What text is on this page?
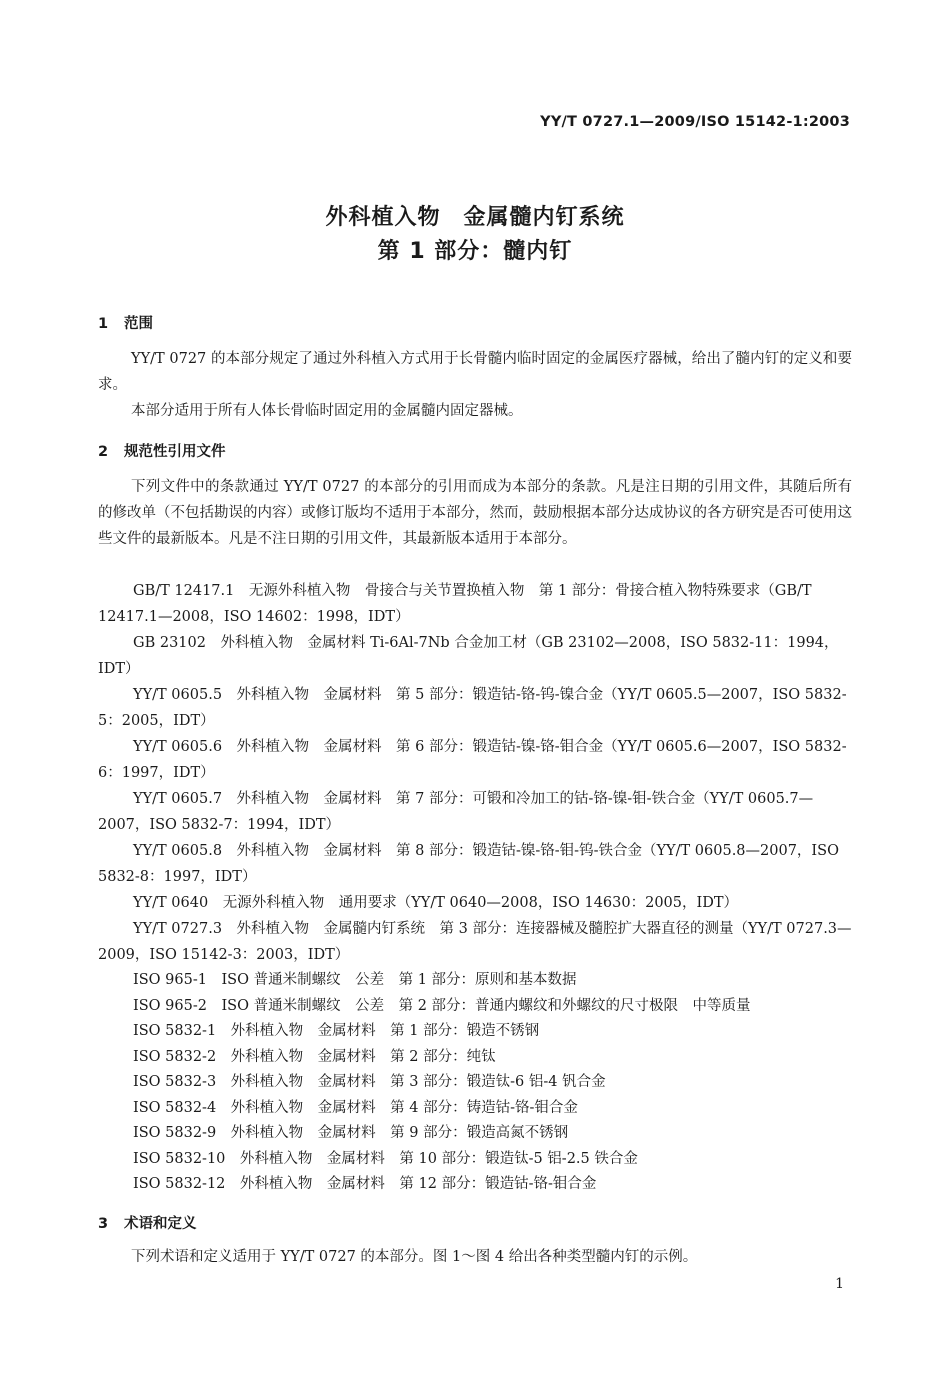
YY/T 0727.1—2009/ISO 15142-1:2003
外科植入物　金属髓内钉系统
第 1 部分：髓内钉
1 范围

YY/T 0727 的本部分规定了通过外科植入方式用于长骨髓内临时固定的金属医疗器械，给出了髓内钉的定义和要求。

本部分适用于所有人体长骨临时固定用的金属髓内固定器械。

2 规范性引用文件

下列文件中的条款通过 YY/T 0727 的本部分的引用而成为本部分的条款。凡是注日期的引用文件，其随后所有的修改单（不包括勘误的内容）或修订版均不适用于本部分，然而，鼓励根据本部分达成协议的各方研究是否可使用这些文件的最新版本。凡是不注日期的引用文件，其最新版本适用于本部分。

GB/T 12417.1　无源外科植入物　骨接合与关节置换植入物　第 1 部分：骨接合植入物特殊要求（GB/T 12417.1—2008，ISO 14602：1998，IDT）

GB 23102　外科植入物　金属材料 Ti-6Al-7Nb 合金加工材（GB 23102—2008，ISO 5832-11：1994，IDT）

YY/T 0605.5　外科植入物　金属材料　第 5 部分：锻造钴-铬-钨-镍合金（YY/T 0605.5—2007，ISO 5832-5：2005，IDT）

YY/T 0605.6　外科植入物　金属材料　第 6 部分：锻造钴-镍-铬-钼合金（YY/T 0605.6—2007，ISO 5832-6：1997，IDT）

YY/T 0605.7　外科植入物　金属材料　第 7 部分：可锻和冷加工的钴-铬-镍-钼-铁合金（YY/T 0605.7—2007，ISO 5832-7：1994，IDT）

YY/T 0605.8　外科植入物　金属材料　第 8 部分：锻造钴-镍-铬-钼-钨-铁合金（YY/T 0605.8—2007，ISO 5832-8：1997，IDT）

YY/T 0640　无源外科植入物　通用要求（YY/T 0640—2008，ISO 14630：2005，IDT）

YY/T 0727.3　外科植入物　金属髓内钉系统　第 3 部分：连接器械及髓腔扩大器直径的测量（YY/T 0727.3—2009，ISO 15142-3：2003，IDT）

ISO 965-1　ISO 普通米制螺纹　公差　第 1 部分：原则和基本数据

ISO 965-2　ISO 普通米制螺纹　公差　第 2 部分：普通内螺纹和外螺纹的尺寸极限　中等质量

ISO 5832-1　外科植入物　金属材料　第 1 部分：锻造不锈钢

ISO 5832-2　外科植入物　金属材料　第 2 部分：纯钛

ISO 5832-3　外科植入物　金属材料　第 3 部分：锻造钛-6 铝-4 钒合金

ISO 5832-4　外科植入物　金属材料　第 4 部分：铸造钴-铬-钼合金

ISO 5832-9　外科植入物　金属材料　第 9 部分：锻造高氮不锈钢

ISO 5832-10　外科植入物　金属材料　第 10 部分：锻造钛-5 铝-2.5 铁合金

ISO 5832-12　外科植入物　金属材料　第 12 部分：锻造钴-铬-钼合金

3 术语和定义

下列术语和定义适用于 YY/T 0727 的本部分。图 1～图 4 给出各种类型髓内钉的示例。

1
